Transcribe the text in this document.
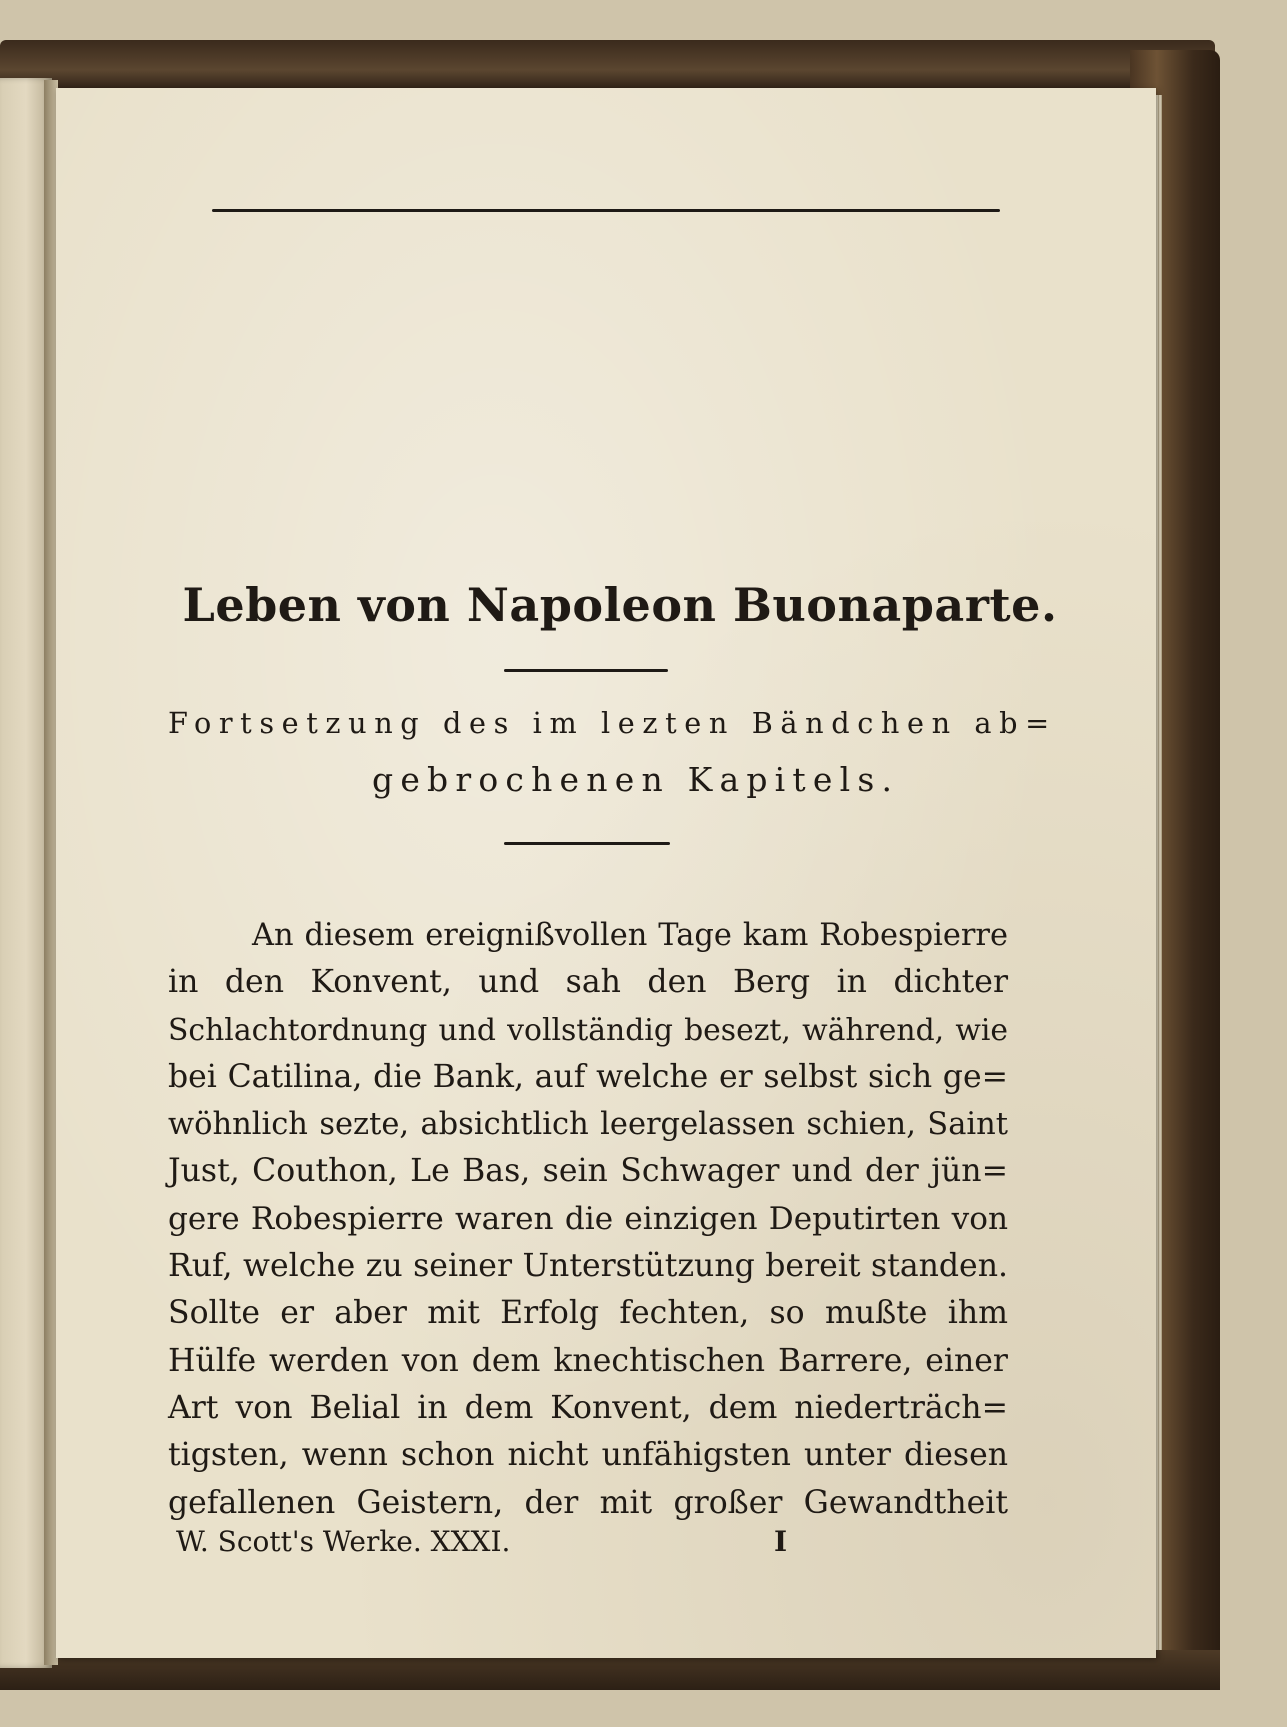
Leben von Napoleon Buonaparte.
Fortsetzung des im lezten Bändchen ab=
gebrochenen Kapitels.
An diesem ereignißvollen Tage kam Robespierre
in den Konvent, und sah den Berg in dichter
Schlachtordnung und vollständig besezt, während, wie
bei Catilina, die Bank, auf welche er selbst sich ge=
wöhnlich sezte, absichtlich leergelassen schien, Saint
Just, Couthon, Le Bas, sein Schwager und der jün=
gere Robespierre waren die einzigen Deputirten von
Ruf, welche zu seiner Unterstützung bereit standen.
Sollte er aber mit Erfolg fechten, so mußte ihm
Hülfe werden von dem knechtischen Barrere, einer
Art von Belial in dem Konvent, dem niederträch=
tigsten, wenn schon nicht unfähigsten unter diesen
gefallenen Geistern, der mit großer Gewandtheit
W. Scott's Werke. XXXI.	I
